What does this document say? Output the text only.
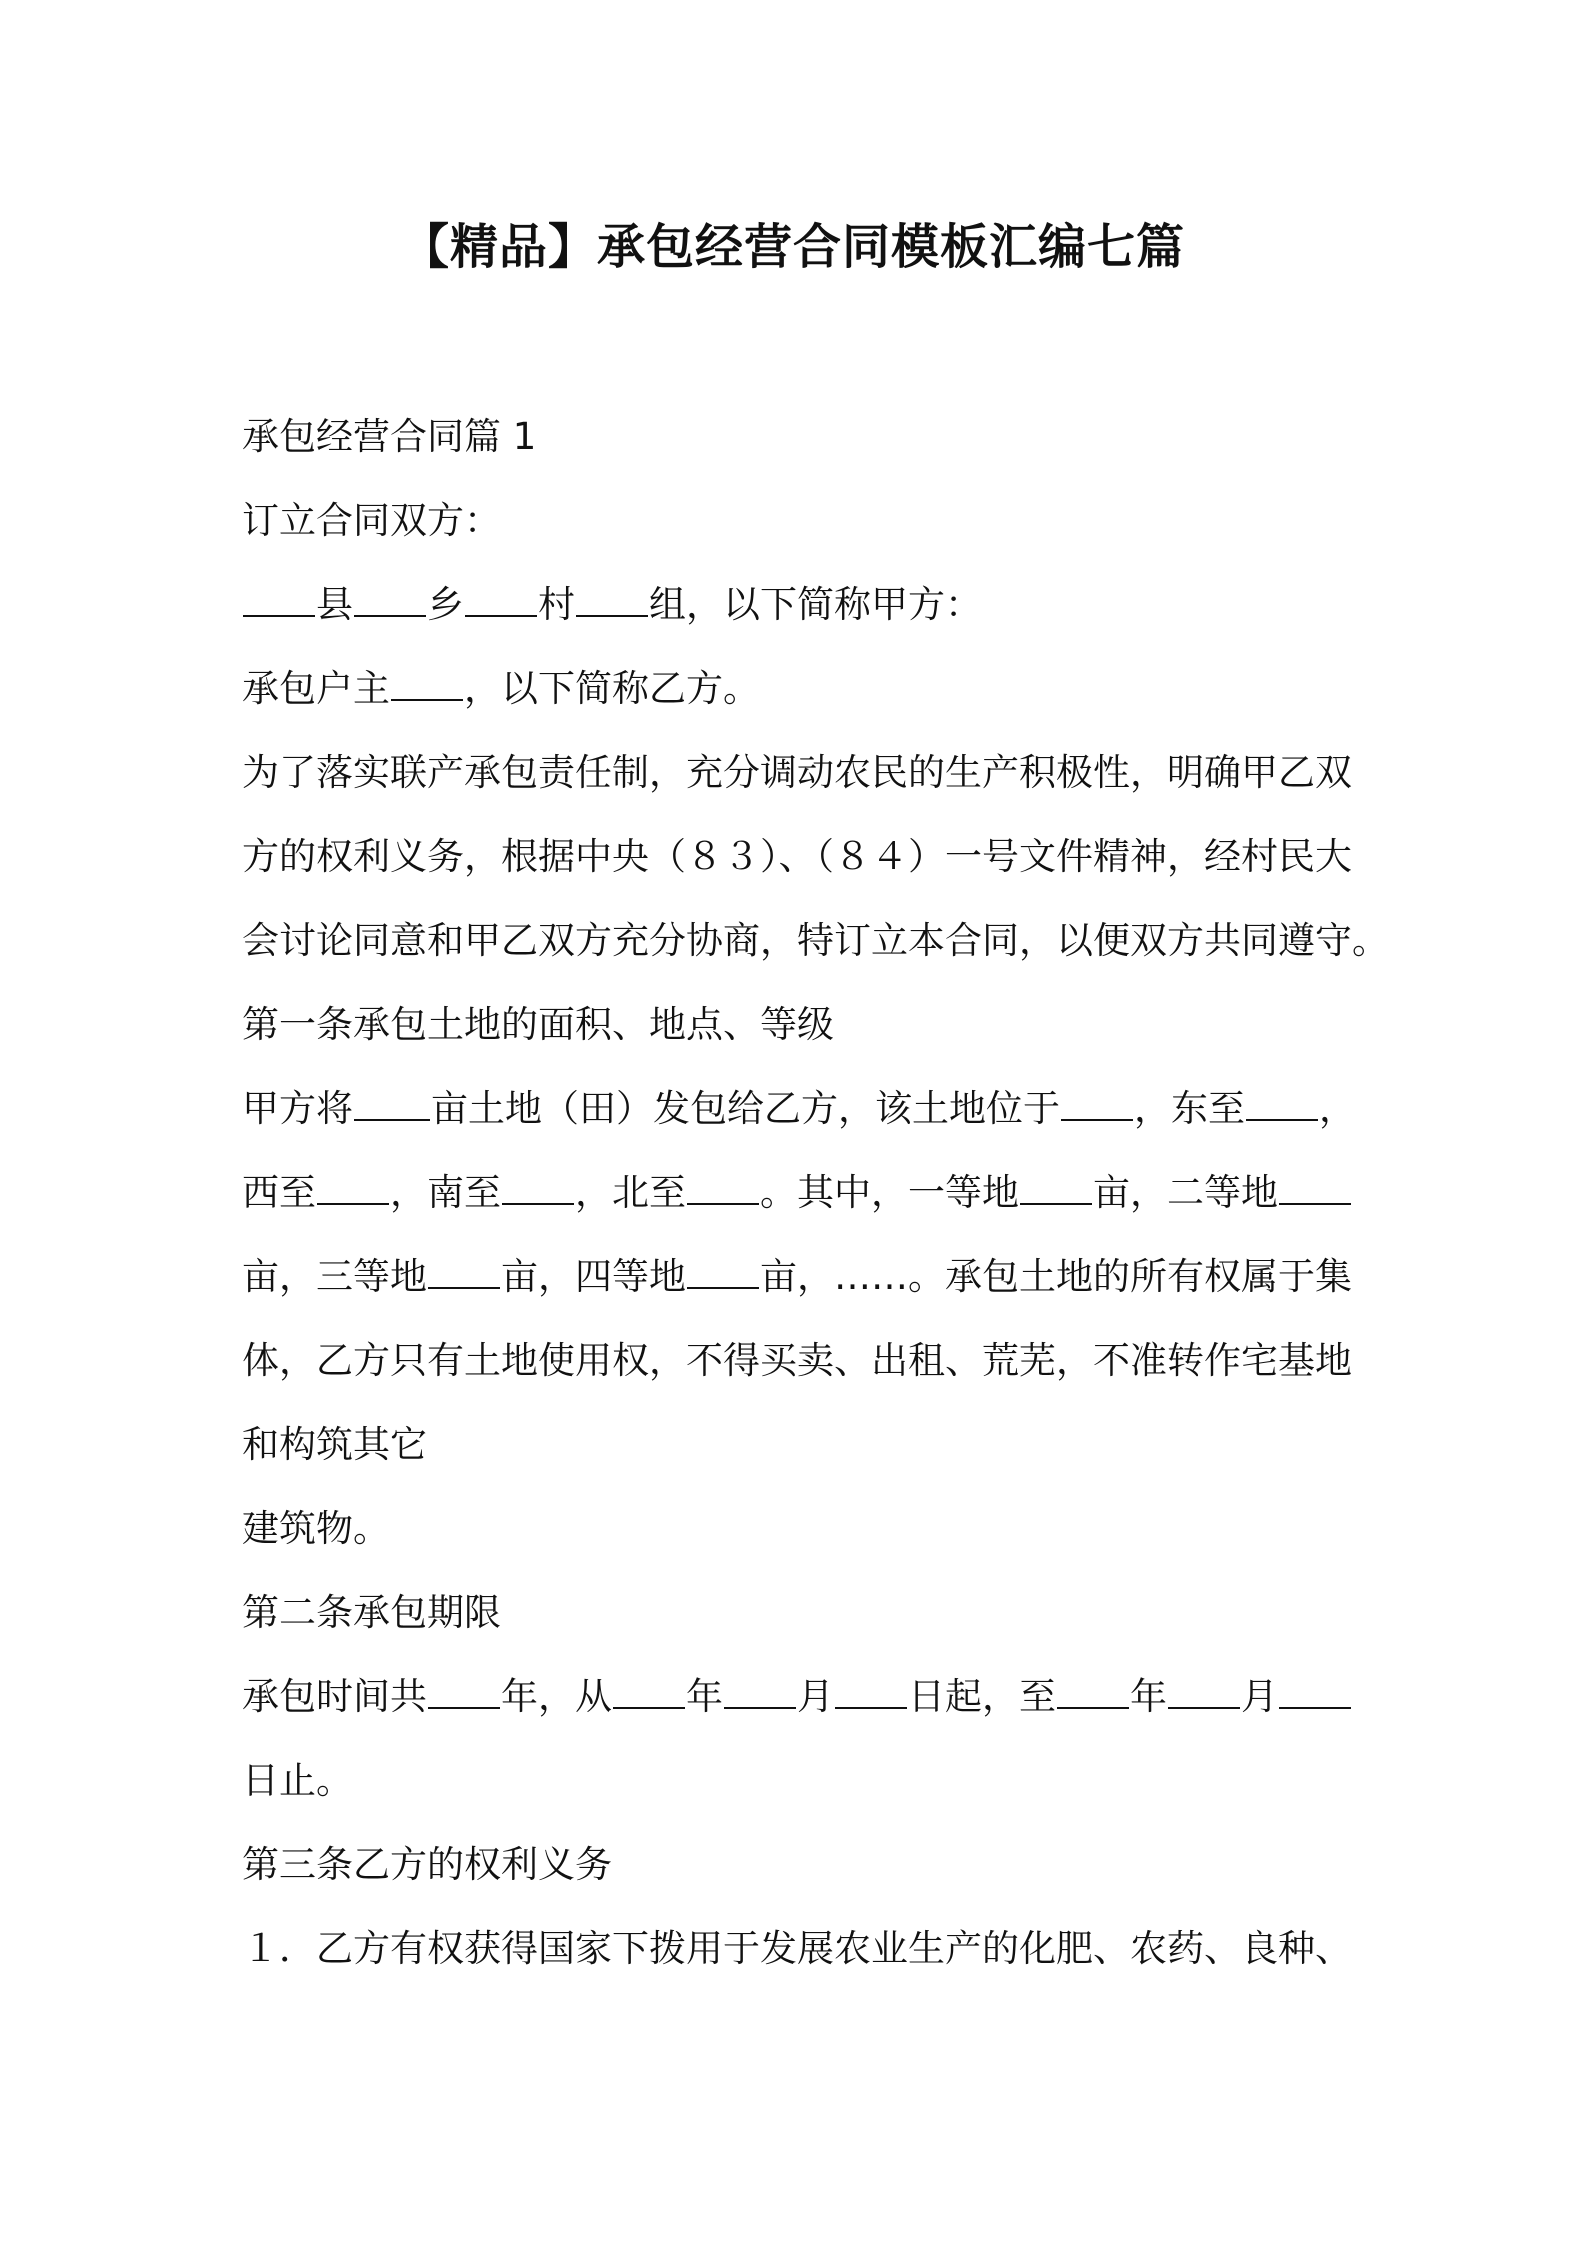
【精品】承包经营合同模板汇编七篇
承包经营合同篇 1
订立合同双方：
县 乡 村 组，以下简称甲方：
承包户主 ，以下简称乙方。
为了落实联产承包责任制，充分调动农民的生产积极性，明确甲乙双
方的权利义务，根据中央（８３）、（８４）一号文件精神，经村民大
会讨论同意和甲乙双方充分协商，特订立本合同，以便双方共同遵守。
第一条承包土地的面积、地点、等级
甲方将 亩土地（田）发包给乙方，该土地位于 ，东至 ，
西至 ，南至 ，北至 。其中，一等地 亩，二等地
亩，三等地 亩，四等地 亩，……。承包土地的所有权属于集
体，乙方只有土地使用权，不得买卖、出租、荒芜，不准转作宅基地
和构筑其它
建筑物。
第二条承包期限
承包时间共 年，从 年 月 日起，至 年 月
日止。
第三条乙方的权利义务
１．乙方有权获得国家下拨用于发展农业生产的化肥、农药、良种、
